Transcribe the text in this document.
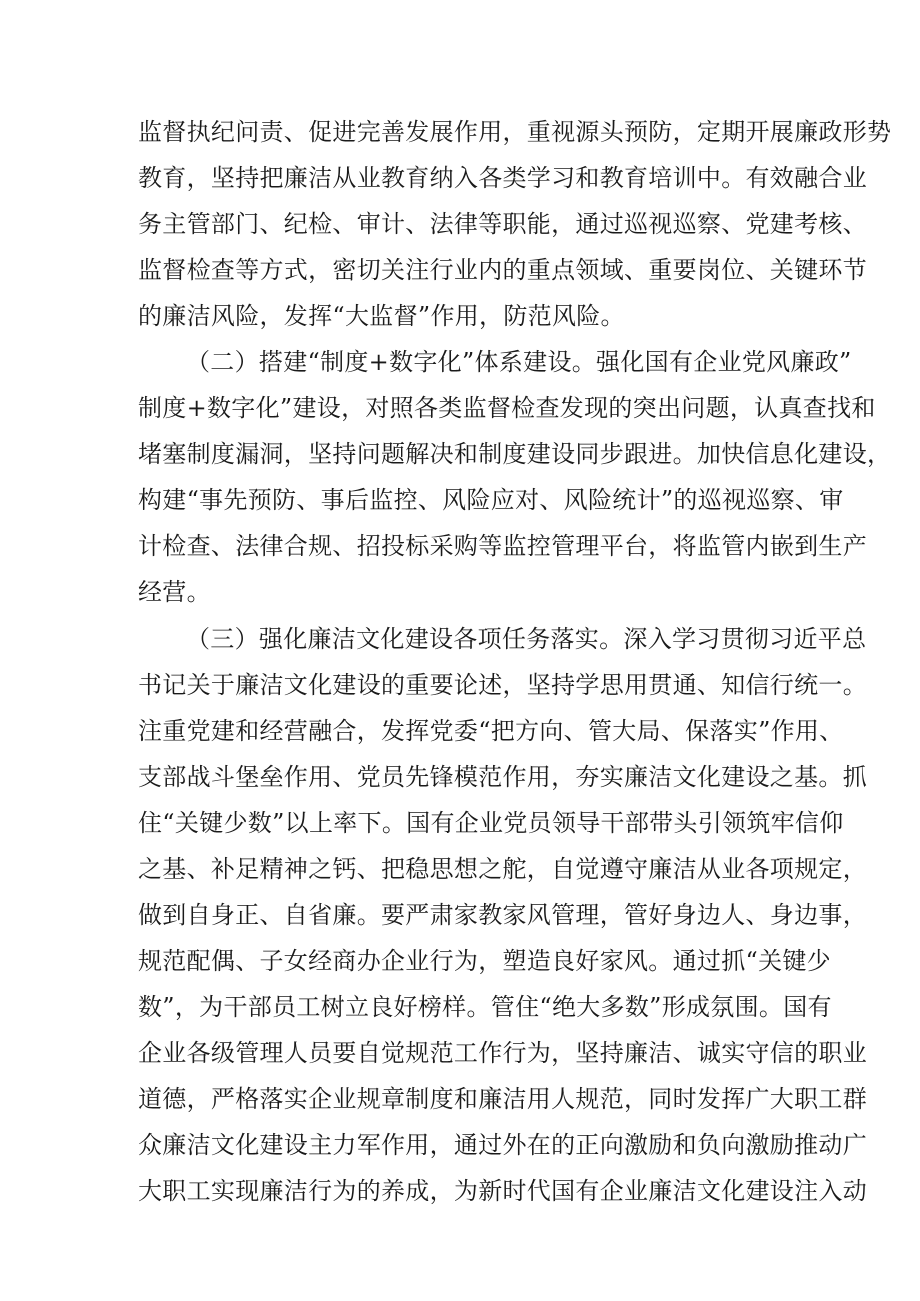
监督执纪问责、促进完善发展作用，重视源头预防，定期开展廉政形势
教育，坚持把廉洁从业教育纳入各类学习和教育培训中。有效融合业
务主管部门、纪检、审计、法律等职能，通过巡视巡察、党建考核、
监督检查等方式，密切关注行业内的重点领域、重要岗位、关键环节
的廉洁风险，发挥“大监督”作用，防范风险。
（二）搭建“制度+数字化”体系建设。强化国有企业党风廉政”
制度+数字化”建设，对照各类监督检查发现的突出问题，认真查找和
堵塞制度漏洞，坚持问题解决和制度建设同步跟进。加快信息化建设，
构建“事先预防、事后监控、风险应对、风险统计”的巡视巡察、审
计检查、法律合规、招投标采购等监控管理平台，将监管内嵌到生产
经营。
（三）强化廉洁文化建设各项任务落实。深入学习贯彻习近平总
书记关于廉洁文化建设的重要论述，坚持学思用贯通、知信行统一。
注重党建和经营融合，发挥党委“把方向、管大局、保落实”作用、
支部战斗堡垒作用、党员先锋模范作用，夯实廉洁文化建设之基。抓
住“关键少数”以上率下。国有企业党员领导干部带头引领筑牢信仰
之基、补足精神之钙、把稳思想之舵，自觉遵守廉洁从业各项规定，
做到自身正、自省廉。要严肃家教家风管理，管好身边人、身边事，
规范配偶、子女经商办企业行为，塑造良好家风。通过抓“关键少
数”，为干部员工树立良好榜样。管住“绝大多数”形成氛围。国有
企业各级管理人员要自觉规范工作行为，坚持廉洁、诚实守信的职业
道德，严格落实企业规章制度和廉洁用人规范，同时发挥广大职工群
众廉洁文化建设主力军作用，通过外在的正向激励和负向激励推动广
大职工实现廉洁行为的养成，为新时代国有企业廉洁文化建设注入动
